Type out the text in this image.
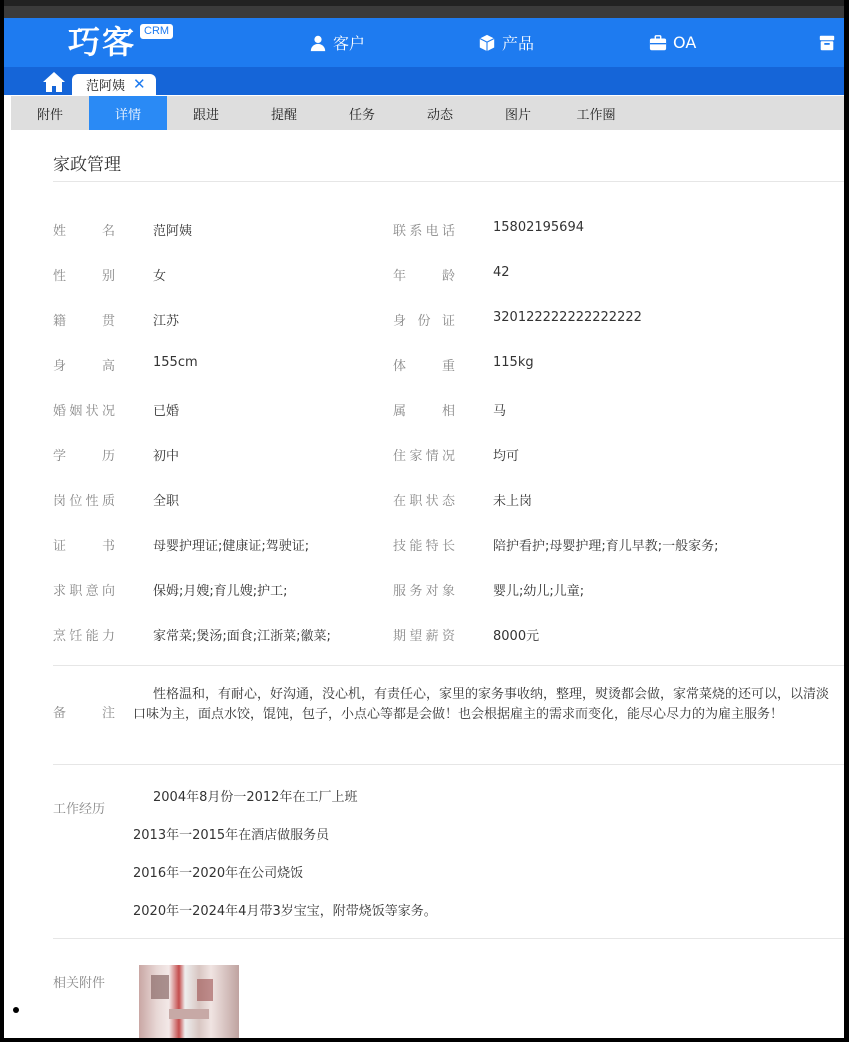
巧客 CRM
客户	产品	OA
范阿姨 ✕
附件	详情	跟进	提醒	任务	动态	图片	工作圈
家政管理
姓名	范阿姨	联系电话	15802195694
性别	女	年龄	42
籍贯	江苏	身份证	320122222222222222
身高	155cm	体重	115kg
婚姻状况	已婚	属相	马
学历	初中	住家情况	均可
岗位性质	全职	在职状态	未上岗
证书	母婴护理证;健康证;驾驶证;	技能特长	陪护看护;母婴护理;育儿早教;一般家务;
求职意向	保姆;月嫂;育儿嫂;护工;	服务对象	婴儿;幼儿;儿童;
烹饪能力	家常菜;煲汤;面食;江浙菜;徽菜;	期望薪资	8000元
备注
性格温和，有耐心，好沟通，没心机，有责任心，家里的家务事收纳，整理，熨烫都会做，家常菜烧的还可以，以清淡口味为主，面点水饺，馄饨，包子，小点心等都是会做！也会根据雇主的需求而变化，能尽心尽力的为雇主服务！
工作经历
2004年8月份一2012年在工厂上班
2013年一2015年在酒店做服务员
2016年一2020年在公司烧饭
2020年一2024年4月带3岁宝宝，附带烧饭等家务。
相关附件
